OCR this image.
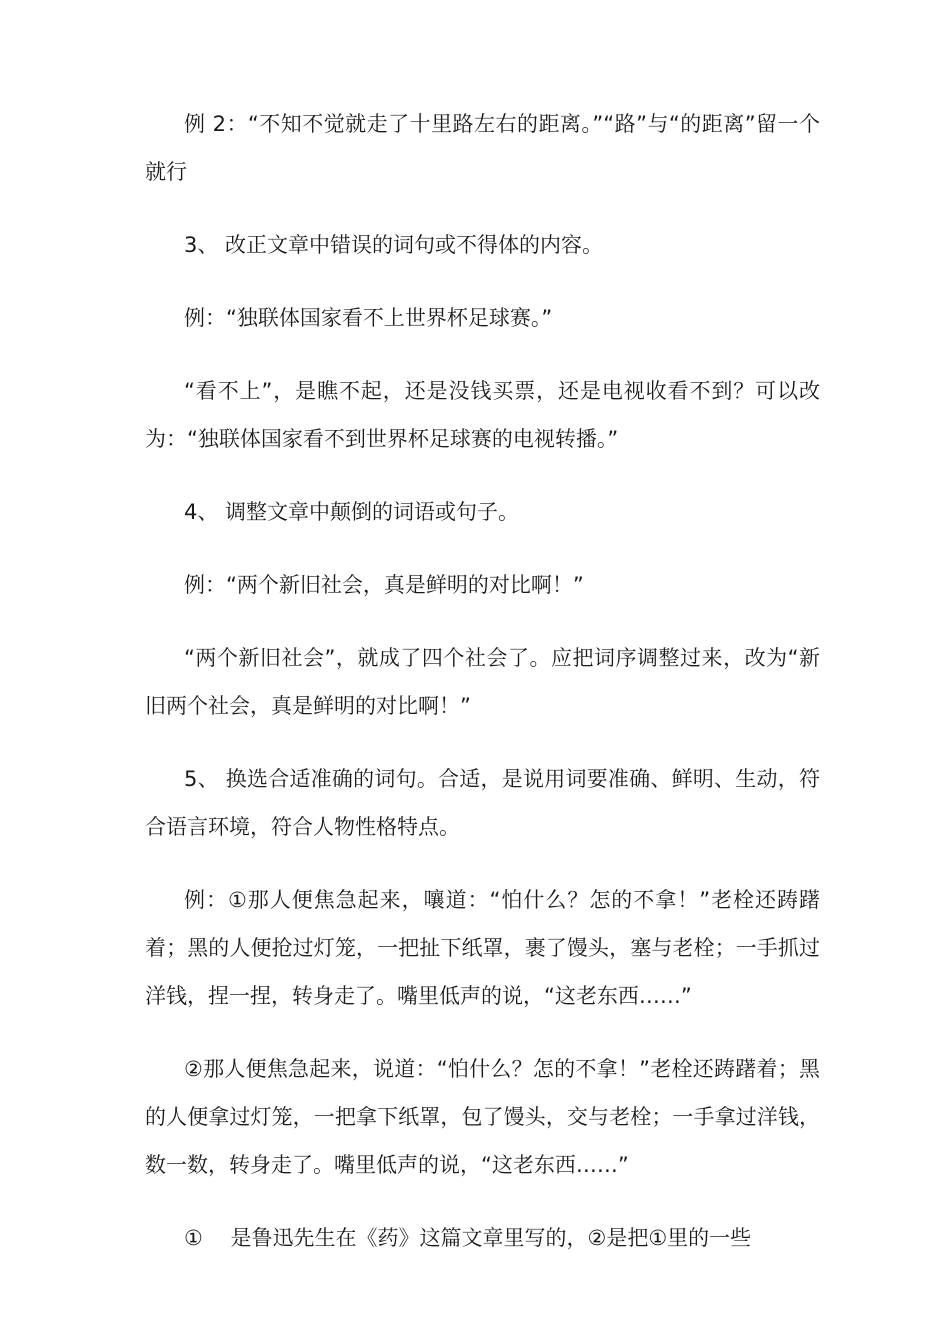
例 2：“不知不觉就走了十里路左右的距离。”“路”与“的距离”留一个就行

3、 改正文章中错误的词句或不得体的内容。

例：“独联体国家看不上世界杯足球赛。”

“看不上”，是瞧不起，还是没钱买票，还是电视收看不到？可以改为：“独联体国家看不到世界杯足球赛的电视转播。”

4、 调整文章中颠倒的词语或句子。

例：“两个新旧社会，真是鲜明的对比啊！”

“两个新旧社会”，就成了四个社会了。应把词序调整过来，改为“新旧两个社会，真是鲜明的对比啊！”

5、 换选合适准确的词句。合适，是说用词要准确、鲜明、生动，符合语言环境，符合人物性格特点。

例：①那人便焦急起来，嚷道：“怕什么？怎的不拿！”老栓还踌躇着；黑的人便抢过灯笼，一把扯下纸罩，裹了馒头，塞与老栓；一手抓过洋钱，捏一捏，转身走了。嘴里低声的说，“这老东西……”

②那人便焦急起来，说道：“怕什么？怎的不拿！”老栓还踌躇着；黑的人便拿过灯笼，一把拿下纸罩，包了馒头，交与老栓；一手拿过洋钱，数一数，转身走了。嘴里低声的说，“这老东西……”

①　 是鲁迅先生在《药》这篇文章里写的，②是把①里的一些
